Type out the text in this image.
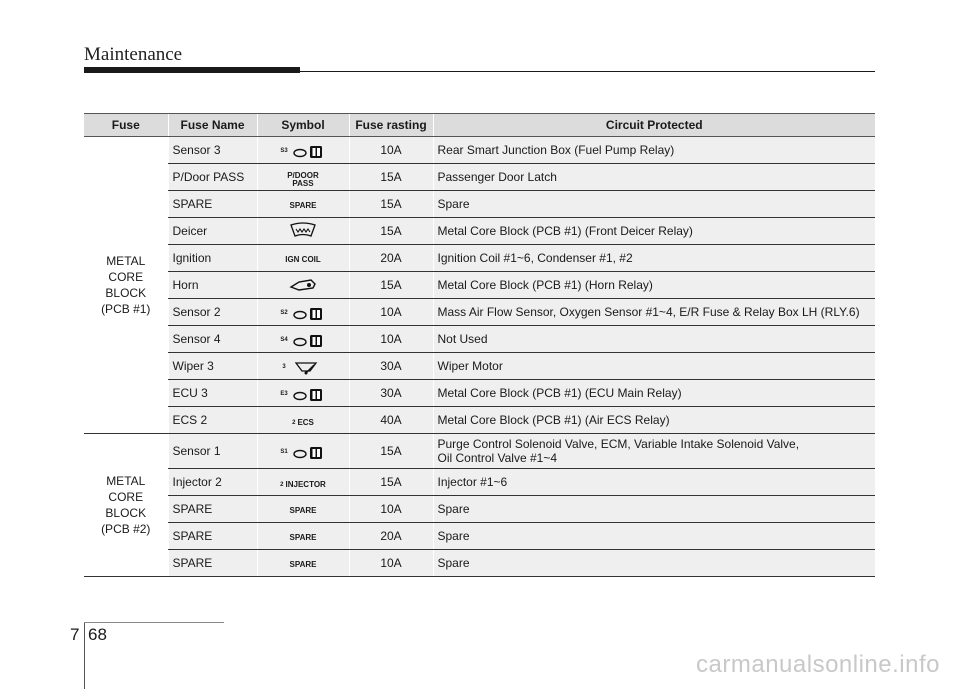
Maintenance
Fuse	Fuse Name	Symbol	Fuse rasting	Circuit Protected
METAL
CORE
BLOCK
(PCB #1)	Sensor 3	S3	10A	Rear Smart Junction Box (Fuel Pump Relay)
	P/Door PASS	P/DOOR PASS	15A	Passenger Door Latch
	SPARE	SPARE	15A	Spare
	Deicer		15A	Metal Core Block (PCB #1) (Front Deicer Relay)
	Ignition	IGN COIL	20A	Ignition Coil #1~6, Condenser #1, #2
	Horn		15A	Metal Core Block (PCB #1) (Horn Relay)
	Sensor 2	S2	10A	Mass Air Flow Sensor, Oxygen Sensor #1~4, E/R Fuse & Relay Box LH (RLY.6)
	Sensor 4	S4	10A	Not Used
	Wiper 3	3	30A	Wiper Motor
	ECU 3	E3	30A	Metal Core Block (PCB #1) (ECU Main Relay)
	ECS 2	2 ECS	40A	Metal Core Block (PCB #1) (Air ECS Relay)
METAL
CORE
BLOCK
(PCB #2)	Sensor 1	S1	15A	Purge Control Solenoid Valve, ECM, Variable Intake Solenoid Valve,
Oil Control Valve #1~4
	Injector 2	2 INJECTOR	15A	Injector #1~6
	SPARE	SPARE	10A	Spare
	SPARE	SPARE	20A	Spare
	SPARE	SPARE	10A	Spare
7 68
carmanualsonline.info
